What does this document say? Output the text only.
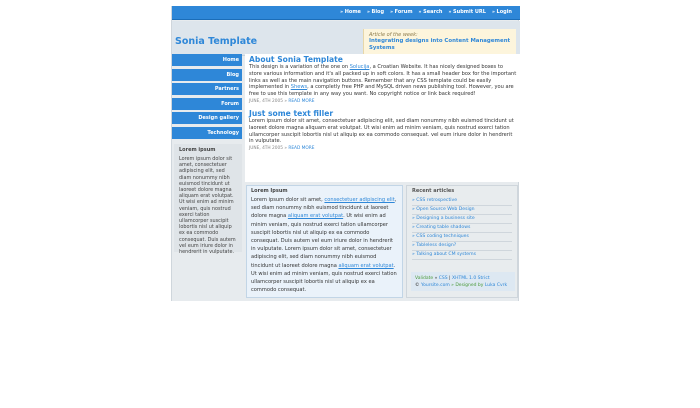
» Home	» Blog	» Forum	» Search	» Submit URL	» Login
Sonia Template
Article of the week:
Integrating designs into Content Management Systems
Home
Blog
Partners
Forum
Design gallery
Technology
Lorem ipsum
Lorem ipsum dolor sit amet, consectetuer adipiscing elit, sed diam nonummy nibh euismod tincidunt ut laoreet dolore magna aliquam erat volutpat. Ut wisi enim ad minim veniam, quis nostrud exerci tation ullamcorper suscipit lobortis nisl ut aliquip ex ea commodo consequat. Duis autem vel eum iriure dolor in hendrerit in vulputate.
About Sonia Template

This design is a variation of the one on Solucija, a Croatian Website. It has nicely designed boxes to store various information and it's all packed up in soft colors. It has a small header box for the important links as well as the main navigation buttons. Remember that any CSS template could be easily implemented in Shews, a completly free PHP and MySQL driven news publishing tool. However, you are free to use this template in any way you want. No copyright notice or link back required!

JUNE, 4TH 2005 » READ MORE
Just some text filler

Lorem ipsum dolor sit amet, consectetuer adipiscing elit, sed diam nonummy nibh euismod tincidunt ut laoreet dolore magna aliquam erat volutpat. Ut wisi enim ad minim veniam, quis nostrud exerci tation ullamcorper suscipit lobortis nisl ut aliquip ex ea commodo consequat. vel eum iriure dolor in hendrerit in vulputate.

JUNE, 4TH 2005 » READ MORE
Lorem Ipsum

Lorem ipsum dolor sit amet, consectetuer adipiscing elit, sed diam nonummy nibh euismod tincidunt ut laoreet dolore magna aliquam erat volutpat. Ut wisi enim ad minim veniam, quis nostrud exerci tation ullamcorper suscipit lobortis nisl ut aliquip ex ea commodo consequat. Duis autem vel eum iriure dolor in hendrerit in vulputate. Lorem ipsum dolor sit amet, consectetuer adipiscing elit, sed diam nonummy nibh euismod tincidunt ut laoreet dolore magna aliquam erat volutpat. Ut wisi enim ad minim veniam, quis nostrud exerci tation ullamcorper suscipit lobortis nisl ut aliquip ex ea commodo consequat.

Recent articles
» CSS retrospective
» Open Source Web Design
» Designing a business site
» Creating table shadows
» CSS coding techniques
» Tableless design?
» Talking about CM systems
Validate » CSS | XHTML 1.0 Strict
© Yoursite.com » Designed by Luka Cvrk
